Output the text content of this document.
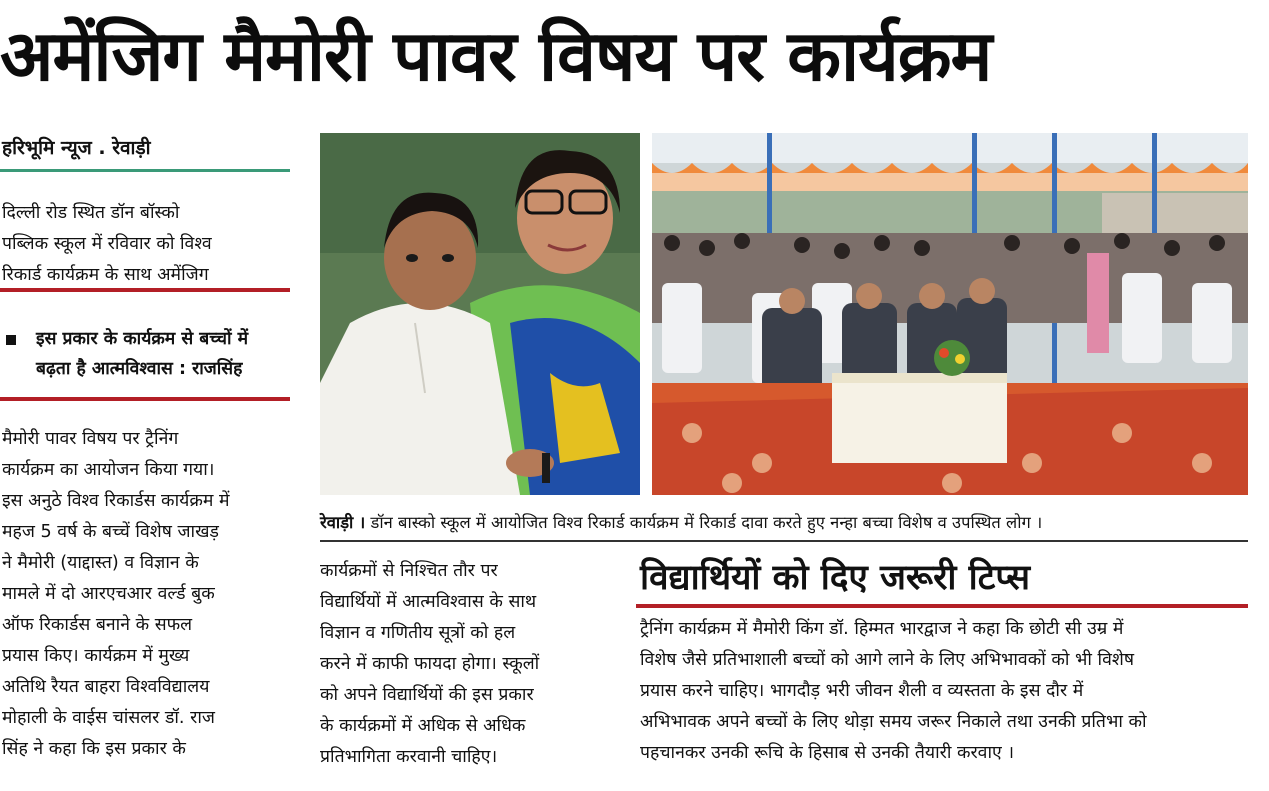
अमेंजिग मैमोरी पावर विषय पर कार्यक्रम
हरिभूमि न्यूज . रेवाड़ी
दिल्ली रोड स्थित डॉन बॉस्को
पब्लिक स्कूल में रविवार को विश्व
रिकार्ड कार्यक्रम के साथ अमेंजिग
इस प्रकार के कार्यक्रम से बच्चों में
बढ़ता है आत्मविश्वास : राजसिंह
मैमोरी पावर विषय पर ट्रैनिंग
कार्यक्रम का आयोजन किया गया।
इस अनुठे विश्व रिकार्डस कार्यक्रम में
महज 5 वर्ष के बच्चें विशेष जाखड़
ने मैमोरी (याद्दास्त) व विज्ञान के
मामले में दो आरएचआर वर्ल्ड बुक
ऑफ रिकार्डस बनाने के सफल
प्रयास किए। कार्यक्रम में मुख्य
अतिथि रैयत बाहरा विश्वविद्यालय
मोहाली के वाईस चांसलर डॉ. राज
सिंह ने कहा कि इस प्रकार के
रेवाड़ी । डॉन बास्को स्कूल में आयोजित विश्व रिकार्ड कार्यक्रम में रिकार्ड दावा करते हुए नन्हा बच्चा विशेष व उपस्थित लोग ।
कार्यक्रमों से निश्चित तौर पर
विद्यार्थियों में आत्मविश्वास के साथ
विज्ञान व गणितीय सूत्रों को हल
करने में काफी फायदा होगा। स्कूलों
को अपने विद्यार्थियों की इस प्रकार
के कार्यक्रमों में अधिक से अधिक
प्रतिभागिता करवानी चाहिए।
विद्यार्थियों को दिए जरूरी टिप्स
ट्रैनिंग कार्यक्रम में मैमोरी किंग डॉ. हिम्मत भारद्वाज ने कहा कि छोटी सी उम्र में
विशेष जैसे प्रतिभाशाली बच्चों को आगे लाने के लिए अभिभावकों को भी विशेष
प्रयास करने चाहिए। भागदौड़ भरी जीवन शैली व व्यस्तता के इस दौर में
अभिभावक अपने बच्चों के लिए थोड़ा समय जरूर निकाले तथा उनकी प्रतिभा को
पहचानकर उनकी रूचि के हिसाब से उनकी तैयारी करवाए ।
